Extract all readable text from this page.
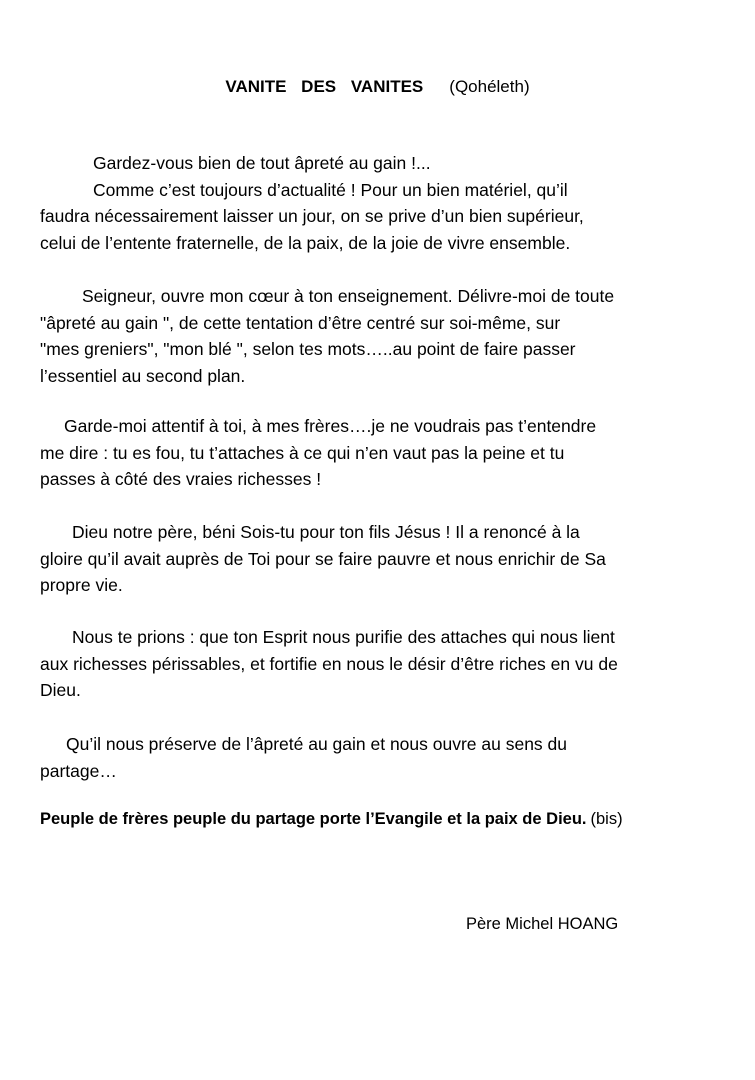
VANITE DES VANITES (Qohéleth)
Gardez-vous bien de tout âpreté au gain !...
Comme c’est toujours d’actualité ! Pour un bien matériel, qu’il
faudra nécessairement laisser un jour, on se prive d’un bien supérieur,
celui de l’entente fraternelle, de la paix, de la joie de vivre ensemble.
Seigneur, ouvre mon cœur à ton enseignement. Délivre-moi de toute
"âpreté au gain ", de cette tentation d’être centré sur soi-même, sur
"mes greniers", "mon blé ", selon tes mots…..au point de faire passer
l’essentiel au second plan.
Garde-moi attentif à toi, à mes frères….je ne voudrais pas t’entendre
me dire : tu es fou, tu t’attaches à ce qui n’en vaut pas la peine et tu
passes à côté des vraies richesses !
Dieu notre père, béni Sois-tu pour ton fils Jésus ! Il a renoncé à la
gloire qu’il avait auprès de Toi pour se faire pauvre et nous enrichir de Sa
propre vie.
Nous te prions : que ton Esprit nous purifie des attaches qui nous lient
aux richesses périssables, et fortifie en nous le désir d’être riches en vu de
Dieu.
Qu’il nous préserve de l’âpreté au gain et nous ouvre au sens du
partage…
Peuple de frères peuple du partage porte l’Evangile et la paix de Dieu. (bis)
Père Michel HOANG
